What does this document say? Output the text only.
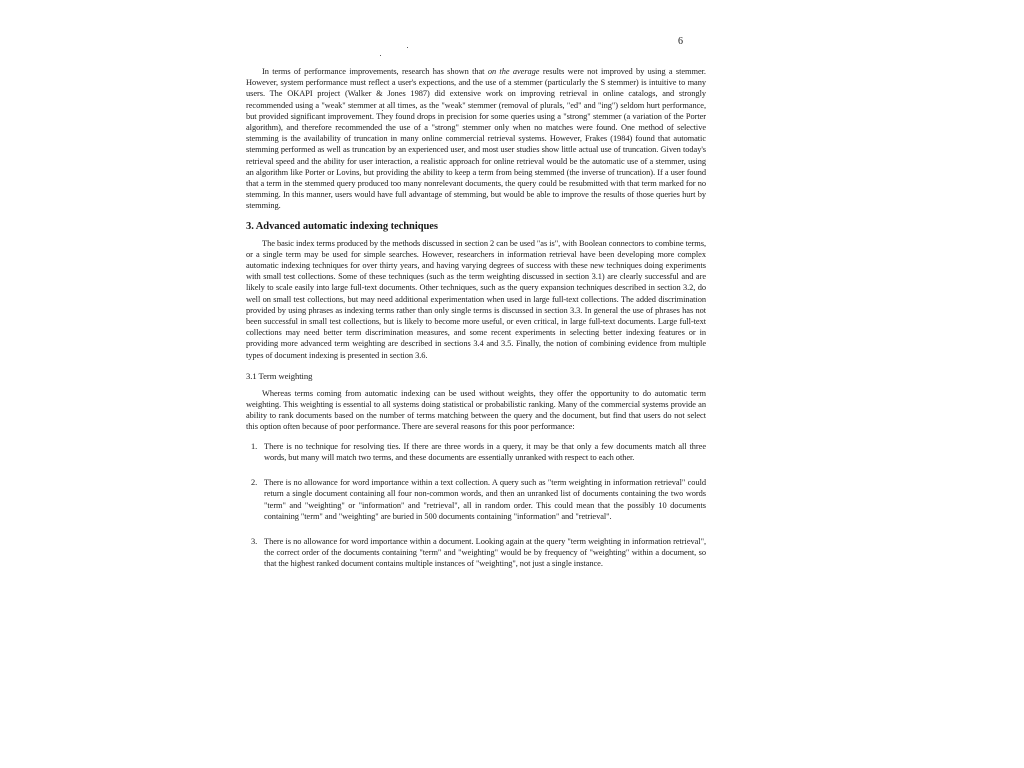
6

In terms of performance improvements, research has shown that on the average results were not improved by using a stemmer. However, system performance must reflect a user's expections, and the use of a stemmer (particularly the S stemmer) is intuitive to many users. The OKAPI project (Walker & Jones 1987) did extensive work on improving retrieval in online catalogs, and strongly recommended using a "weak" stemmer at all times, as the "weak" stemmer (removal of plurals, "ed" and "ing") seldom hurt performance, but provided significant improvement. They found drops in precision for some queries using a "strong" stemmer (a variation of the Porter algorithm), and therefore recommended the use of a "strong" stemmer only when no matches were found. One method of selective stemming is the availability of truncation in many online commercial retrieval systems. However, Frakes (1984) found that automatic stemming performed as well as truncation by an experienced user, and most user studies show little actual use of truncation. Given today's retrieval speed and the ability for user interaction, a realistic approach for online retrieval would be the automatic use of a stemmer, using an algorithm like Porter or Lovins, but providing the ability to keep a term from being stemmed (the inverse of truncation). If a user found that a term in the stemmed query produced too many nonrelevant documents, the query could be resubmitted with that term marked for no stemming. In this manner, users would have full advantage of stemming, but would be able to improve the results of those queries hurt by stemming.

3. Advanced automatic indexing techniques

The basic index terms produced by the methods discussed in section 2 can be used "as is", with Boolean connectors to combine terms, or a single term may be used for simple searches. However, researchers in information retrieval have been developing more complex automatic indexing techniques for over thirty years, and having varying degrees of success with these new techniques doing experiments with small test collections. Some of these techniques (such as the term weighting discussed in section 3.1) are clearly successful and are likely to scale easily into large full-text documents. Other techniques, such as the query expansion techniques described in section 3.2, do well on small test collections, but may need additional experimentation when used in large full-text collections. The added discrimination provided by using phrases as indexing terms rather than only single terms is discussed in section 3.3. In general the use of phrases has not been successful in small test collections, but is likely to become more useful, or even critical, in large full-text documents. Large full-text collections may need better term discrimination measures, and some recent experiments in selecting better indexing features or in providing more advanced term weighting are described in sections 3.4 and 3.5. Finally, the notion of combining evidence from multiple types of document indexing is presented in section 3.6.

3.1 Term weighting

Whereas terms coming from automatic indexing can be used without weights, they offer the opportunity to do automatic term weighting. This weighting is essential to all systems doing statistical or probabilistic ranking. Many of the commercial systems provide an ability to rank documents based on the number of terms matching between the query and the document, but find that users do not select this option often because of poor performance. There are several reasons for this poor performance:

1. There is no technique for resolving ties. If there are three words in a query, it may be that only a few documents match all three words, but many will match two terms, and these documents are essentially unranked with respect to each other.
2. There is no allowance for word importance within a text collection. A query such as "term weighting in information retrieval" could return a single document containing all four non-common words, and then an unranked list of documents containing the two words "term" and "weighting" or "information" and "retrieval", all in random order. This could mean that the possibly 10 documents containing "term" and "weighting" are buried in 500 documents containing "information" and "retrieval".
3. There is no allowance for word importance within a document. Looking again at the query "term weighting in information retrieval", the correct order of the documents containing "term" and "weighting" would be by frequency of "weighting" within a document, so that the highest ranked document contains multiple instances of "weighting", not just a single instance.
